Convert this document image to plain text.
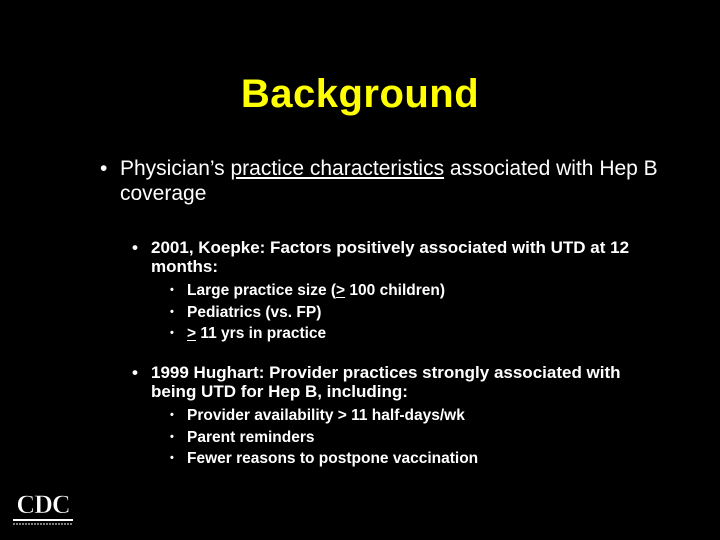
Background
• Physician’s practice characteristics associated with Hep B coverage
• 2001, Koepke: Factors positively associated with UTD at 12 months:
• Large practice size (≥ 100 children)
• Pediatrics (vs. FP)
• ≥ 11 yrs in practice
• 1999 Hughart: Provider practices strongly associated with being UTD for Hep B, including:
• Provider availability > 11 half-days/wk
• Parent reminders
• Fewer reasons to postpone vaccination
CDC
